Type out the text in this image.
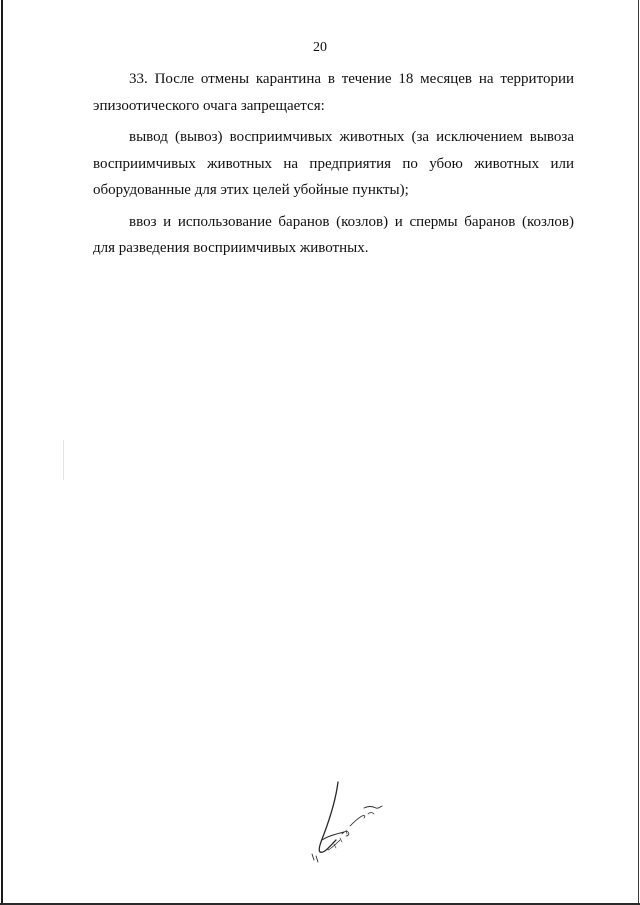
20

33. После отмены карантина в течение 18 месяцев на территории эпизоотического очага запрещается:

вывод (вывоз) восприимчивых животных (за исключением вывоза восприимчивых животных на предприятия по убою животных или оборудованные для этих целей убойные пункты);

ввоз и использование баранов (козлов) и спермы баранов (козлов) для разведения восприимчивых животных.
